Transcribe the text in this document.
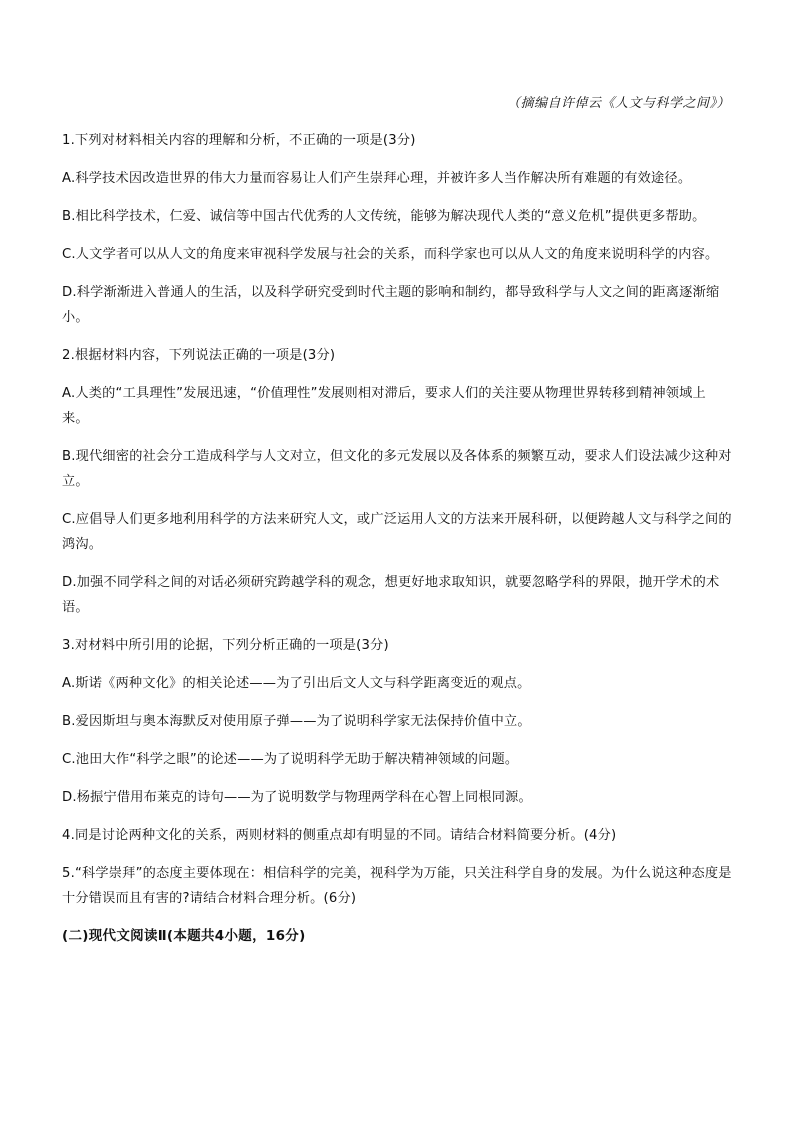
（摘编自许倬云《人文与科学之间》）

1.下列对材料相关内容的理解和分析，不正确的一项是(3分)

A.科学技术因改造世界的伟大力量而容易让人们产生崇拜心理，并被许多人当作解决所有难题的有效途径。

B.相比科学技术，仁爱、诚信等中国古代优秀的人文传统，能够为解决现代人类的“意义危机”提供更多帮助。

C.人文学者可以从人文的角度来审视科学发展与社会的关系，而科学家也可以从人文的角度来说明科学的内容。

D.科学渐渐进入普通人的生活，以及科学研究受到时代主题的影响和制约，都导致科学与人文之间的距离逐渐缩小。

2.根据材料内容，下列说法正确的一项是(3分)

A.人类的“工具理性”发展迅速，“价值理性”发展则相对滞后，要求人们的关注要从物理世界转移到精神领域上来。

B.现代细密的社会分工造成科学与人文对立，但文化的多元发展以及各体系的频繁互动，要求人们设法减少这种对立。

C.应倡导人们更多地利用科学的方法来研究人文，或广泛运用人文的方法来开展科研，以便跨越人文与科学之间的鸿沟。

D.加强不同学科之间的对话必须研究跨越学科的观念，想更好地求取知识，就要忽略学科的界限，抛开学术的术语。

3.对材料中所引用的论据，下列分析正确的一项是(3分)

A.斯诺《两种文化》的相关论述——为了引出后文人文与科学距离变近的观点。

B.爱因斯坦与奥本海默反对使用原子弹——为了说明科学家无法保持价值中立。

C.池田大作“科学之眼”的论述——为了说明科学无助于解决精神领域的问题。

D.杨振宁借用布莱克的诗句——为了说明数学与物理两学科在心智上同根同源。

4.同是讨论两种文化的关系，两则材料的侧重点却有明显的不同。请结合材料简要分析。(4分)

5.“科学崇拜”的态度主要体现在：相信科学的完美，视科学为万能，只关注科学自身的发展。为什么说这种态度是十分错误而且有害的?请结合材料合理分析。(6分)

(二)现代文阅读Ⅱ(本题共4小题，16分)
